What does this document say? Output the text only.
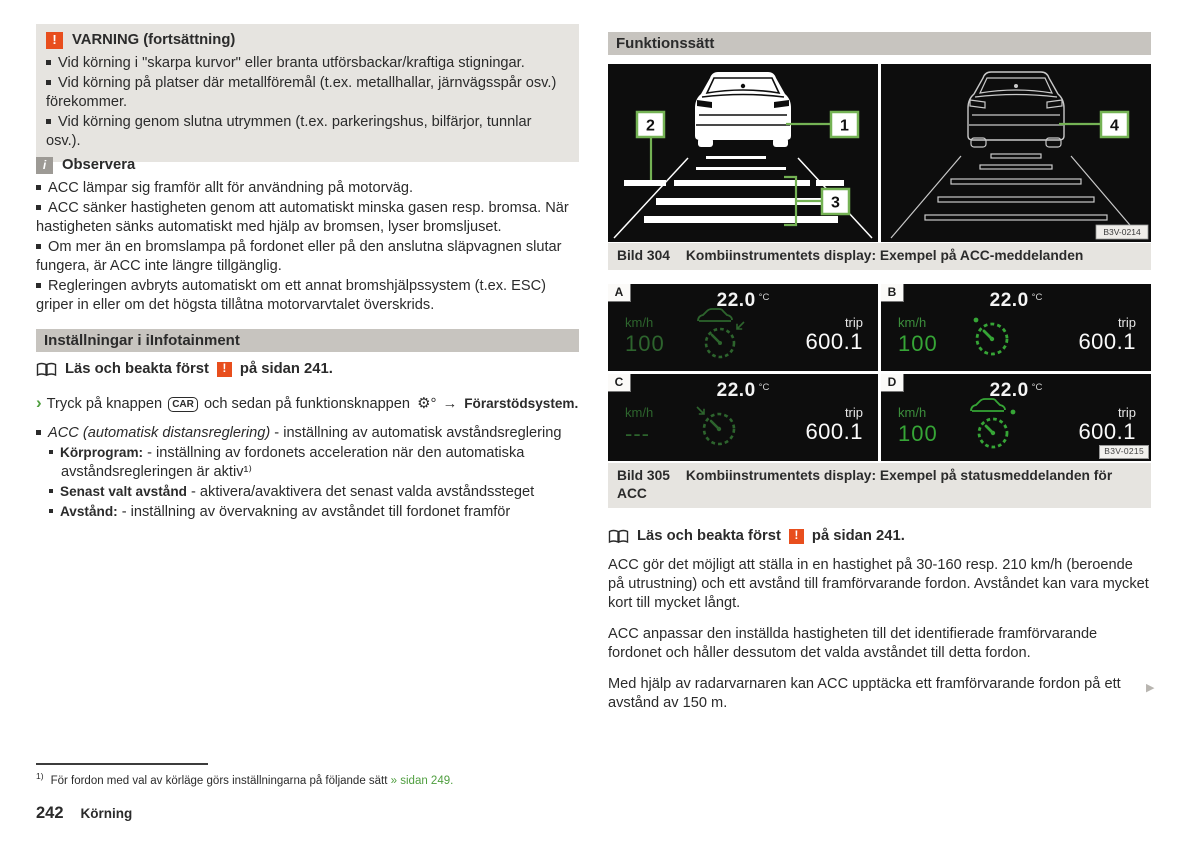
!	VARNING (fortsättning)
Vid körning i "skarpa kurvor" eller branta utförsbackar/kraftiga stigningar.
Vid körning på platser där metallföremål (t.ex. metallhallar, järnvägsspår osv.) förekommer.
Vid körning genom slutna utrymmen (t.ex. parkeringshus, bilfärjor, tunnlar osv.).
i	Observera
ACC lämpar sig framför allt för användning på motorväg.
ACC sänker hastigheten genom att automatiskt minska gasen resp. bromsa. När hastigheten sänks automatiskt med hjälp av bromsen, lyser bromsljuset.
Om mer än en bromslampa på fordonet eller på den anslutna släpvagnen slutar fungera, är ACC inte längre tillgänglig.
Regleringen avbryts automatiskt om ett annat bromshjälpssystem (t.ex. ESC) griper in eller om det högsta tillåtna motorvarvtalet överskrids.
Inställningar i iInfotainment
Läs och beakta först	! på sidan 241.

› Tryck på knappen CAR och sedan på funktionsknappen ⚙° → Förarstödsystem.

ACC (automatisk distansreglering) - inställning av automatisk avståndsreglering
Körprogram: - inställning av fordonets acceleration när den automatiska avståndsregleringen är aktiv¹⁾
Senast valt avstånd - aktivera/avaktivera det senast valda avståndssteget
Avstånd: - inställning av övervakning av avståndet till fordonet framför
Funktionssätt
2	1
3
4
B3V-0214
Bild 304 Kombiinstrumentets display: Exempel på ACC-meddelanden
A	22.0 $^{^\circ C}$
km/h
100
trip
600.1
B	22.0 $^{^\circ C}$
km/h
100
trip
600.1
C	22.0 $^{^\circ C}$
km/h
---
trip
600.1
D	22.0 $^{^\circ C}$
km/h
100
trip
600.1
B3V-0215
Bild 305 Kombiinstrumentets display: Exempel på statusmeddelanden för ACC
Läs och beakta först	! på sidan 241.

ACC gör det möjligt att ställa in en hastighet på 30-160 resp. 210 km/h (beroende på utrustning) och ett avstånd till framförvarande fordon. Avståndet kan vara mycket kort till mycket långt.

ACC anpassar den inställda hastigheten till det identifierade framförvarande fordonet och håller dessutom det valda avståndet till detta fordon.

Med hjälp av radarvarnaren kan ACC upptäcka ett framförvarande fordon på ett avstånd av 150 m.

▶

$^{1)}$ För fordon med val av körläge görs inställningarna på följande sätt » sidan 249.

242 Körning
